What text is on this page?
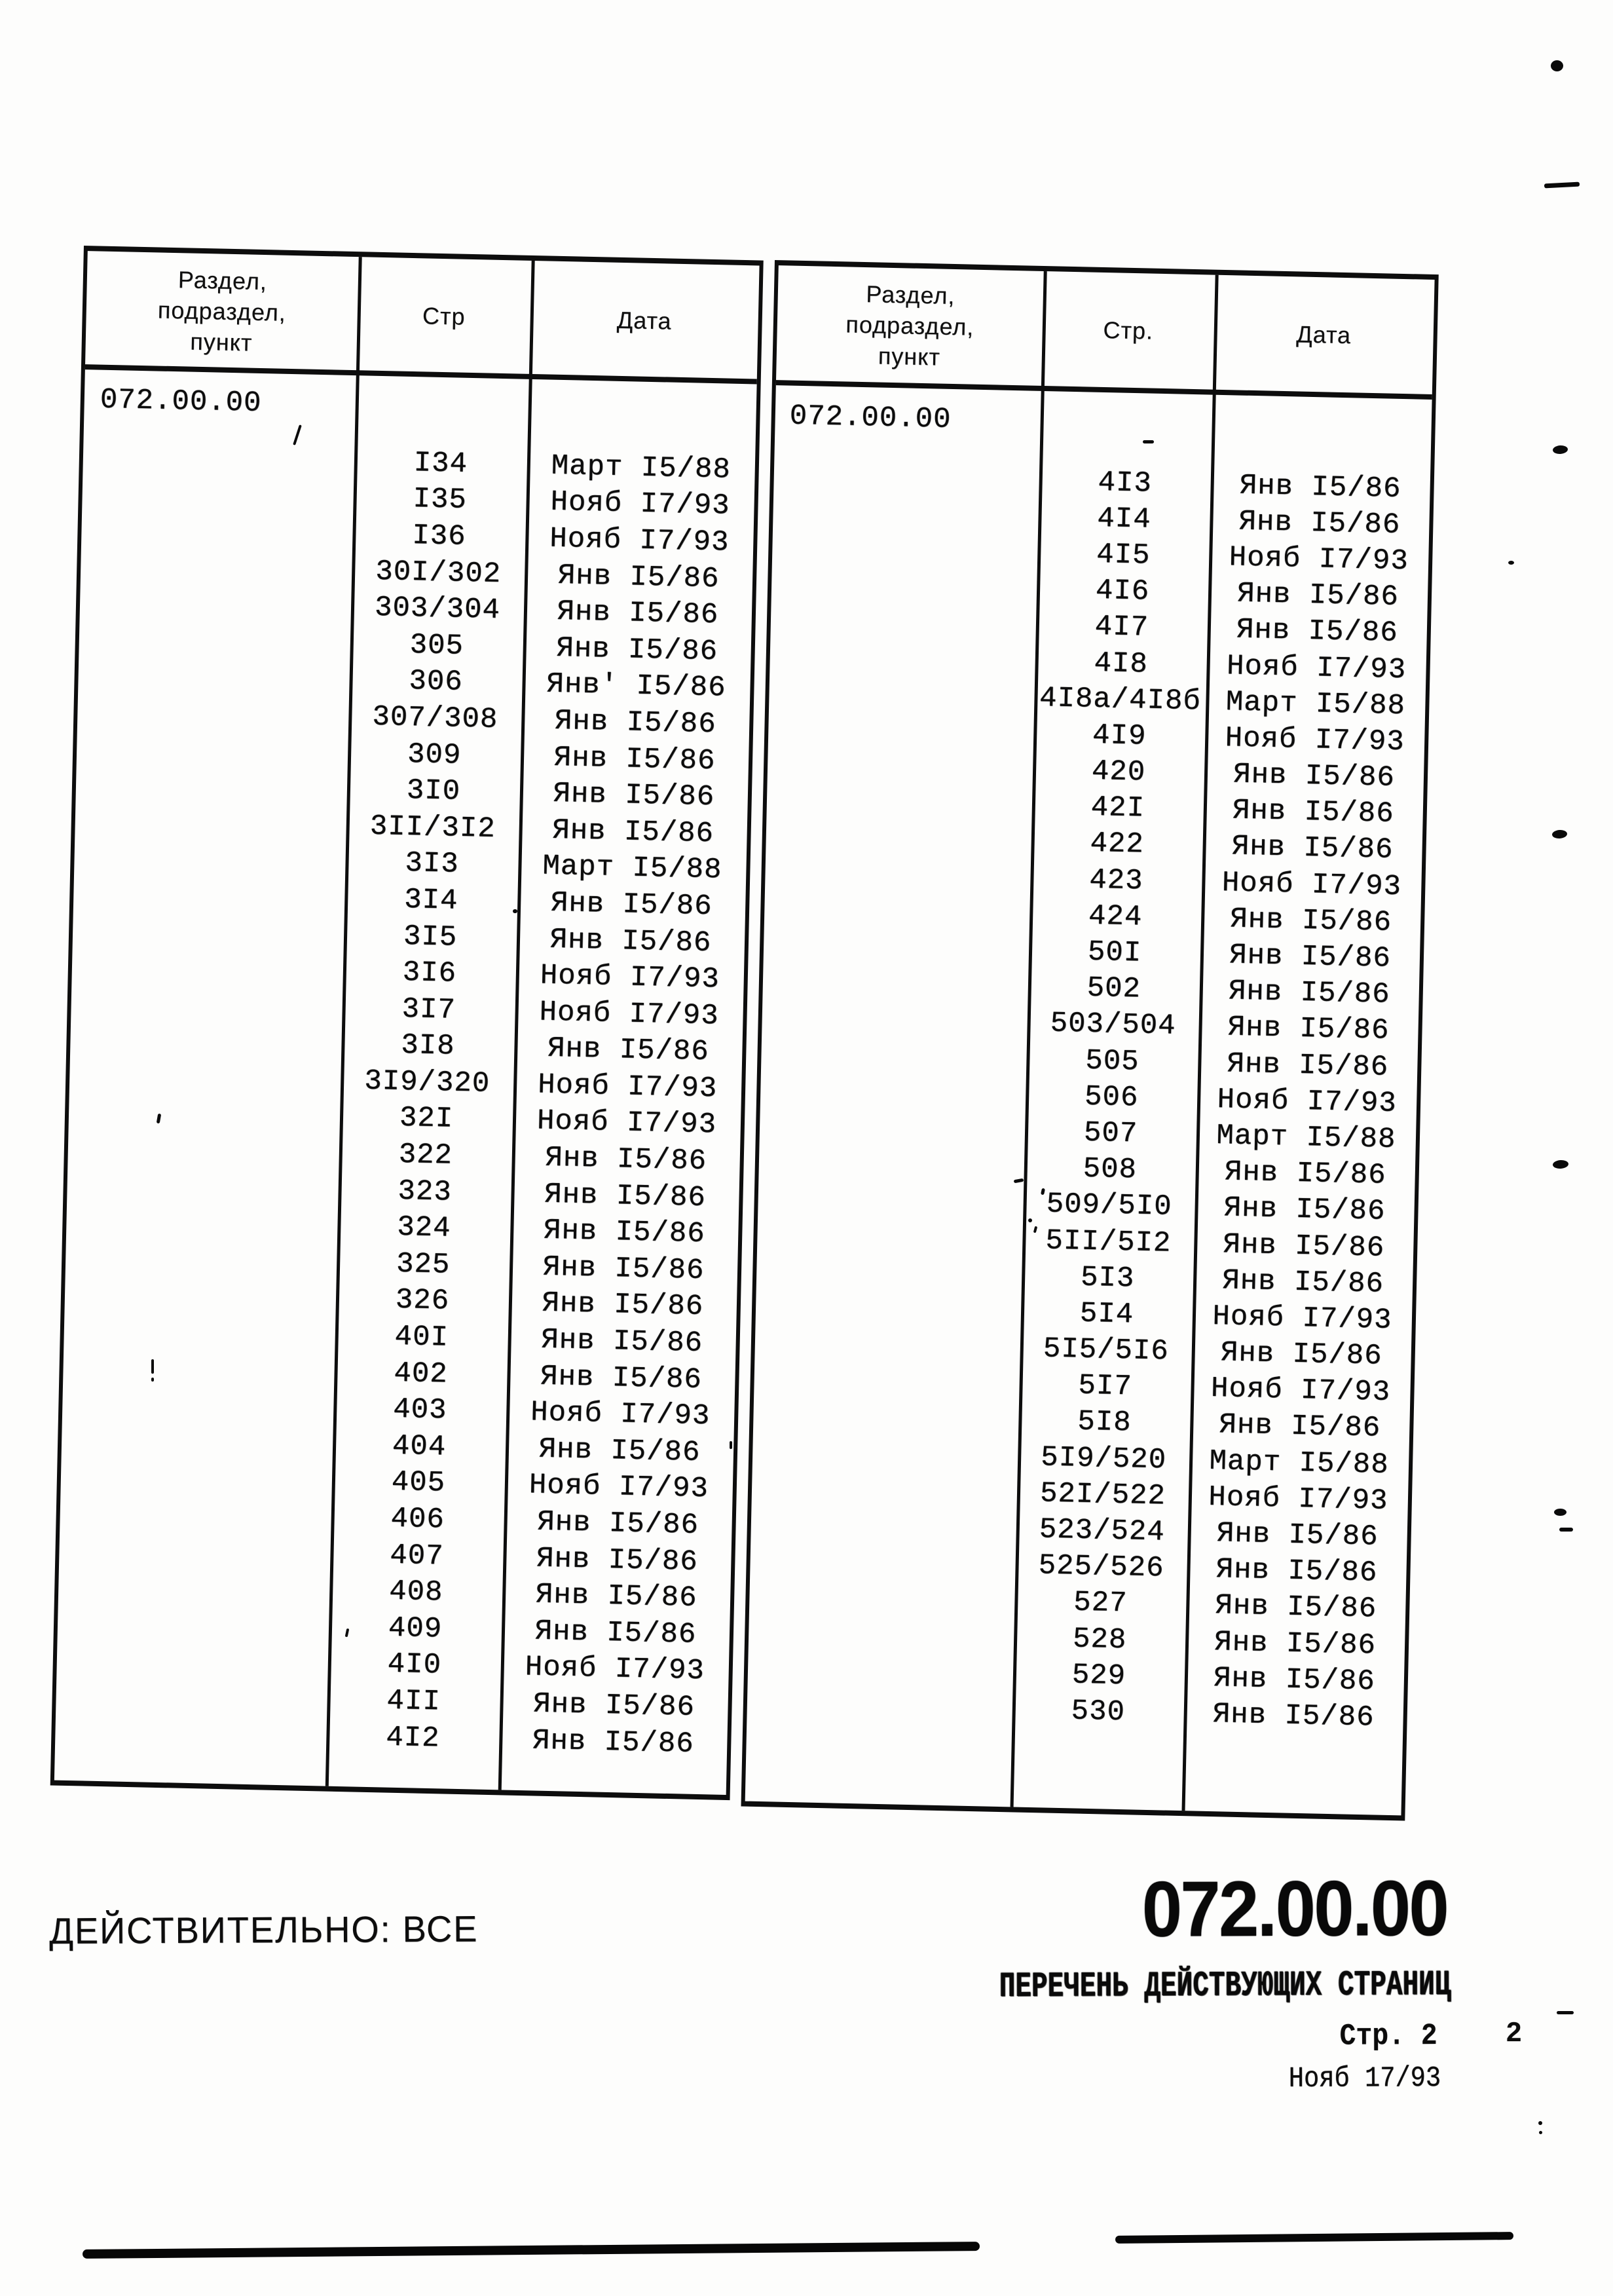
Раздел,
подраздел,
пункт
Стр	Дата
072.00.00
I34	Март I5/88
I35	Нояб I7/93
I36	Нояб I7/93
30I/302	Янв I5/86
303/304	Янв I5/86
305	Янв I5/86
306	Янв' I5/86
307/308	Янв I5/86
309	Янв I5/86
3I0	Янв I5/86
3II/3I2	Янв I5/86
3I3	Март I5/88
3I4	Янв I5/86
3I5	Янв I5/86
3I6	Нояб I7/93
3I7	Нояб I7/93
3I8	Янв I5/86
3I9/320	Нояб I7/93
32I	Нояб I7/93
322	Янв I5/86
323	Янв I5/86
324	Янв I5/86
325	Янв I5/86
326	Янв I5/86
40I	Янв I5/86
402	Янв I5/86
403	Нояб I7/93
404	Янв I5/86
405	Нояб I7/93
406	Янв I5/86
407	Янв I5/86
408	Янв I5/86
409	Янв I5/86
4I0	Нояб I7/93
4II	Янв I5/86
4I2	Янв I5/86
Раздел,
подраздел,
пункт
Стр.	Дата
072.00.00
4I3	Янв I5/86
4I4	Янв I5/86
4I5	Нояб I7/93
4I6	Янв I5/86
4I7	Янв I5/86
4I8	Нояб I7/93
4I8а/4I8б Март I5/88
4I9	Нояб I7/93
420	Янв I5/86
42I	Янв I5/86
422	Янв I5/86
423	Нояб I7/93
424	Янв I5/86
50I	Янв I5/86
502	Янв I5/86
503/504	Янв I5/86
505	Янв I5/86
506	Нояб I7/93
507	Март I5/88
508	Янв I5/86
509/5I0	Янв I5/86
5II/5I2	Янв I5/86
5I3	Янв I5/86
5I4	Нояб I7/93
5I5/5I6	Янв I5/86
5I7	Нояб I7/93
5I8	Янв I5/86
5I9/520	Март I5/88
52I/522	Нояб I7/93
523/524	Янв I5/86
525/526	Янв I5/86
527	Янв I5/86
528	Янв I5/86
529	Янв I5/86
530	Янв I5/86
ДЕЙСТВИТЕЛЬНО: ВСЕ	072.00.00
ПЕРЕЧЕНЬ ДЕЙСТВУЮЩИХ СТРАНИЦ
Стр. 2
Нояб 17/93
2
